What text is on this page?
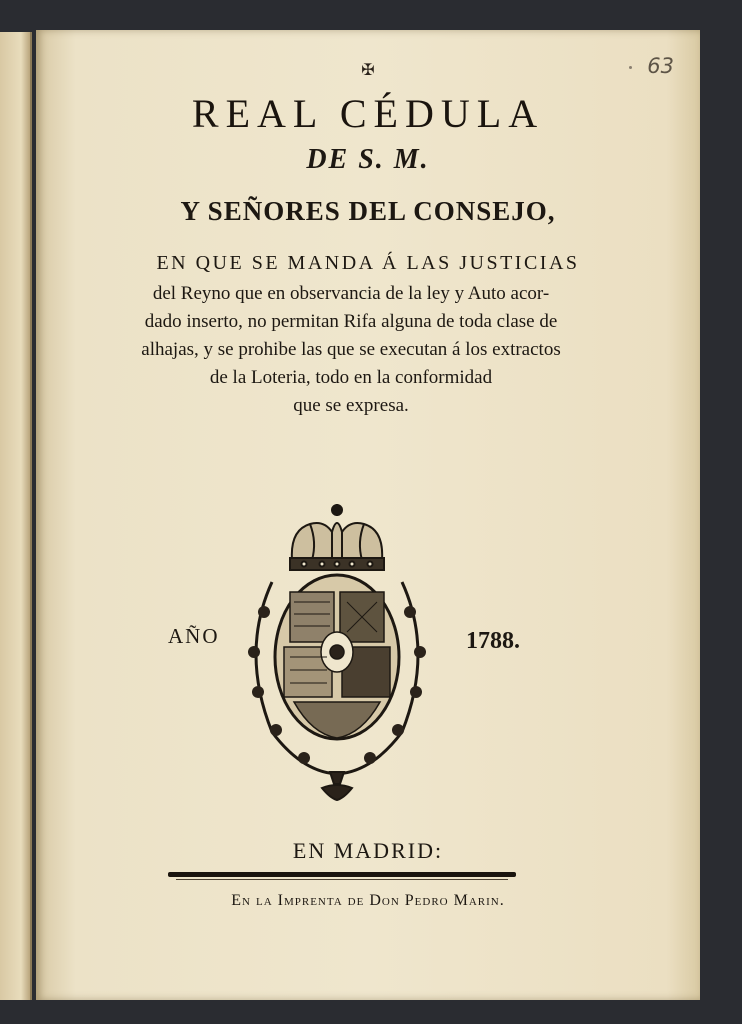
63
✠
REAL CÉDULA
DE S. M.
Y SEÑORES DEL CONSEJO,
EN QUE SE MANDA Á LAS JUSTICIAS
del Reyno que en observancia de la ley y Auto acor-
dado inserto, no permitan Rifa alguna de toda clase de
alhajas, y se prohibe las que se executan á los extractos
de la Loteria, todo en la conformidad
que se expresa.
AÑO	1788.
EN MADRID:
En la Imprenta de Don Pedro Marin.
